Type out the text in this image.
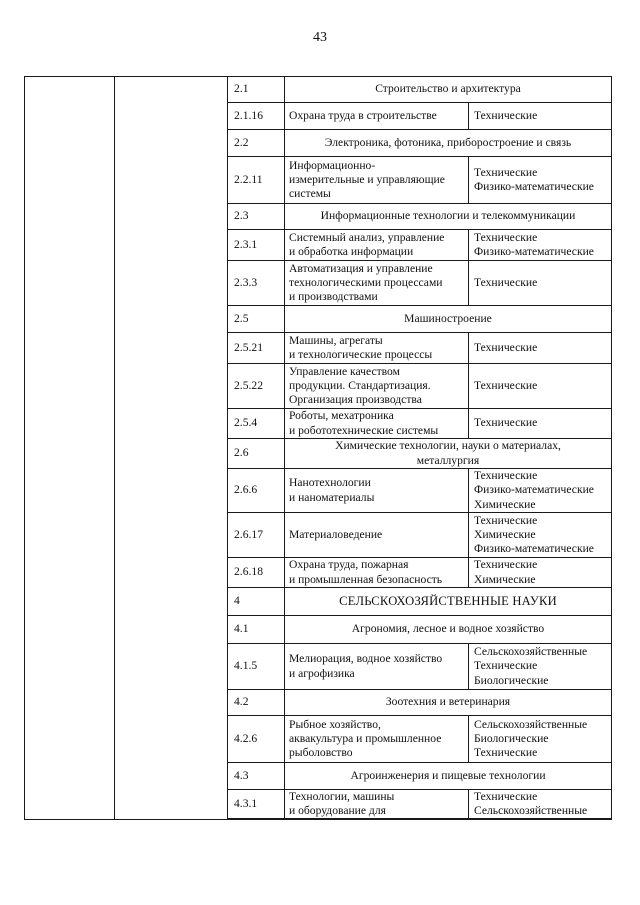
43
		2.1	Строительство и архитектура	
		2.1.16	Охрана труда в строительстве	Технические

		2.2	Электроника, фотоника, приборостроение и связь	
		2.2.11	Информационно-
измерительные и управляющие
системы	Технические
Физико-математические

		2.3	Информационные технологии и телекоммуникации	
		2.3.1	Системный анализ, управление
и обработка информации	Технические
Физико-математические

		2.3.3	Автоматизация и управление
технологическими процессами
и производствами	Технические

		2.5	Машиностроение	
		2.5.21	Машины, агрегаты
и технологические процессы	Технические

		2.5.22	Управление качеством
продукции. Стандартизация.
Организация производства	Технические

		2.5.4	Роботы, мехатроника
и робототехнические системы	Технические

		2.6	Химические технологии, науки о материалах,
металлургия	

		2.6.6	Нанотехнологии
и наноматериалы	Технические
Физико-математические
Химические

		2.6.17	Материаловедение	Технические
Химические
Физико-математические

		2.6.18	Охрана труда, пожарная
и промышленная безопасность	Технические
Химические

		4	СЕЛЬСКОХОЗЯЙСТВЕННЫЕ НАУКИ	
		4.1	Агрономия, лесное и водное хозяйство	
		4.1.5	Мелиорация, водное хозяйство
и агрофизика	Сельскохозяйственные
Технические
Биологические

		4.2	Зоотехния и ветеринария	
		4.2.6	Рыбное хозяйство,
аквакультура и промышленное
рыболовство	Сельскохозяйственные
Биологические
Технические

		4.3	Агроинженерия и пищевые технологии	
		4.3.1	Технологии, машины
и оборудование для	Технические
Сельскохозяйственные
